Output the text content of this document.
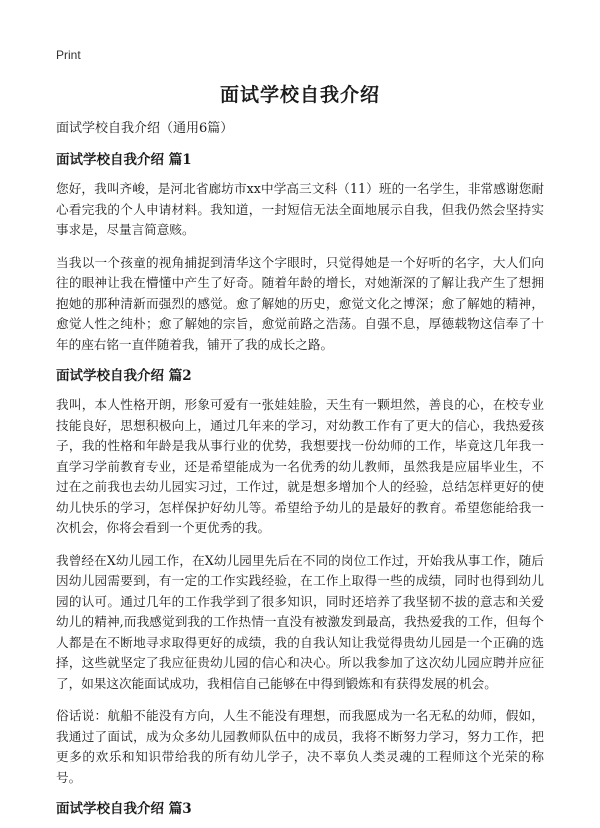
Print
面试学校自我介绍

面试学校自我介绍（通用6篇）

面试学校自我介绍 篇1

您好，我叫齐峻，是河北省廊坊市xx中学高三文科（11）班的一名学生，非常感谢您耐心看完我的个人申请材料。我知道，一封短信无法全面地展示自我，但我仍然会坚持实事求是，尽量言简意赅。

当我以一个孩童的视角捕捉到清华这个字眼时，只觉得她是一个好听的名字，大人们向往的眼神让我在懵懂中产生了好奇。随着年龄的增长，对她渐深的了解让我产生了想拥抱她的那种清新而强烈的感觉。愈了解她的历史，愈觉文化之博深；愈了解她的精神，愈觉人性之纯朴；愈了解她的宗旨，愈觉前路之浩荡。自强不息，厚德载物这信奉了十年的座右铭一直伴随着我，铺开了我的成长之路。

面试学校自我介绍 篇2

我叫，本人性格开朗，形象可爱有一张娃娃脸，天生有一颗坦然，善良的心，在校专业技能良好，思想积极向上，通过几年来的学习，对幼教工作有了更大的信心，我热爱孩子，我的性格和年龄是我从事行业的优势，我想要找一份幼师的工作，毕竟这几年我一直学习学前教育专业，还是希望能成为一名优秀的幼儿教师，虽然我是应届毕业生，不过在之前我也去幼儿园实习过，工作过，就是想多增加个人的经验，总结怎样更好的使幼儿快乐的学习，怎样保护好幼儿等。希望给予幼儿的是最好的教育。希望您能给我一次机会，你将会看到一个更优秀的我。

我曾经在X幼儿园工作，在X幼儿园里先后在不同的岗位工作过，开始我从事工作，随后因幼儿园需要到，有一定的工作实践经验，在工作上取得一些的成绩，同时也得到幼儿园的认可。通过几年的工作我学到了很多知识，同时还培养了我坚韧不拔的意志和关爱幼儿的精神,而我感觉到我的工作热情一直没有被激发到最高，我热爱我的工作，但每个人都是在不断地寻求取得更好的成绩，我的自我认知让我觉得贵幼儿园是一个正确的选择，这些就坚定了我应征贵幼儿园的信心和决心。所以我参加了这次幼儿园应聘并应征了，如果这次能面试成功，我相信自己能够在中得到锻炼和有获得发展的机会。

俗话说：航船不能没有方向，人生不能没有理想，而我愿成为一名无私的幼师，假如，我通过了面试，成为众多幼儿园教师队伍中的成员，我将不断努力学习，努力工作，把更多的欢乐和知识带给我的所有幼儿学子，决不辜负人类灵魂的工程师这个光荣的称号。

面试学校自我介绍 篇3
